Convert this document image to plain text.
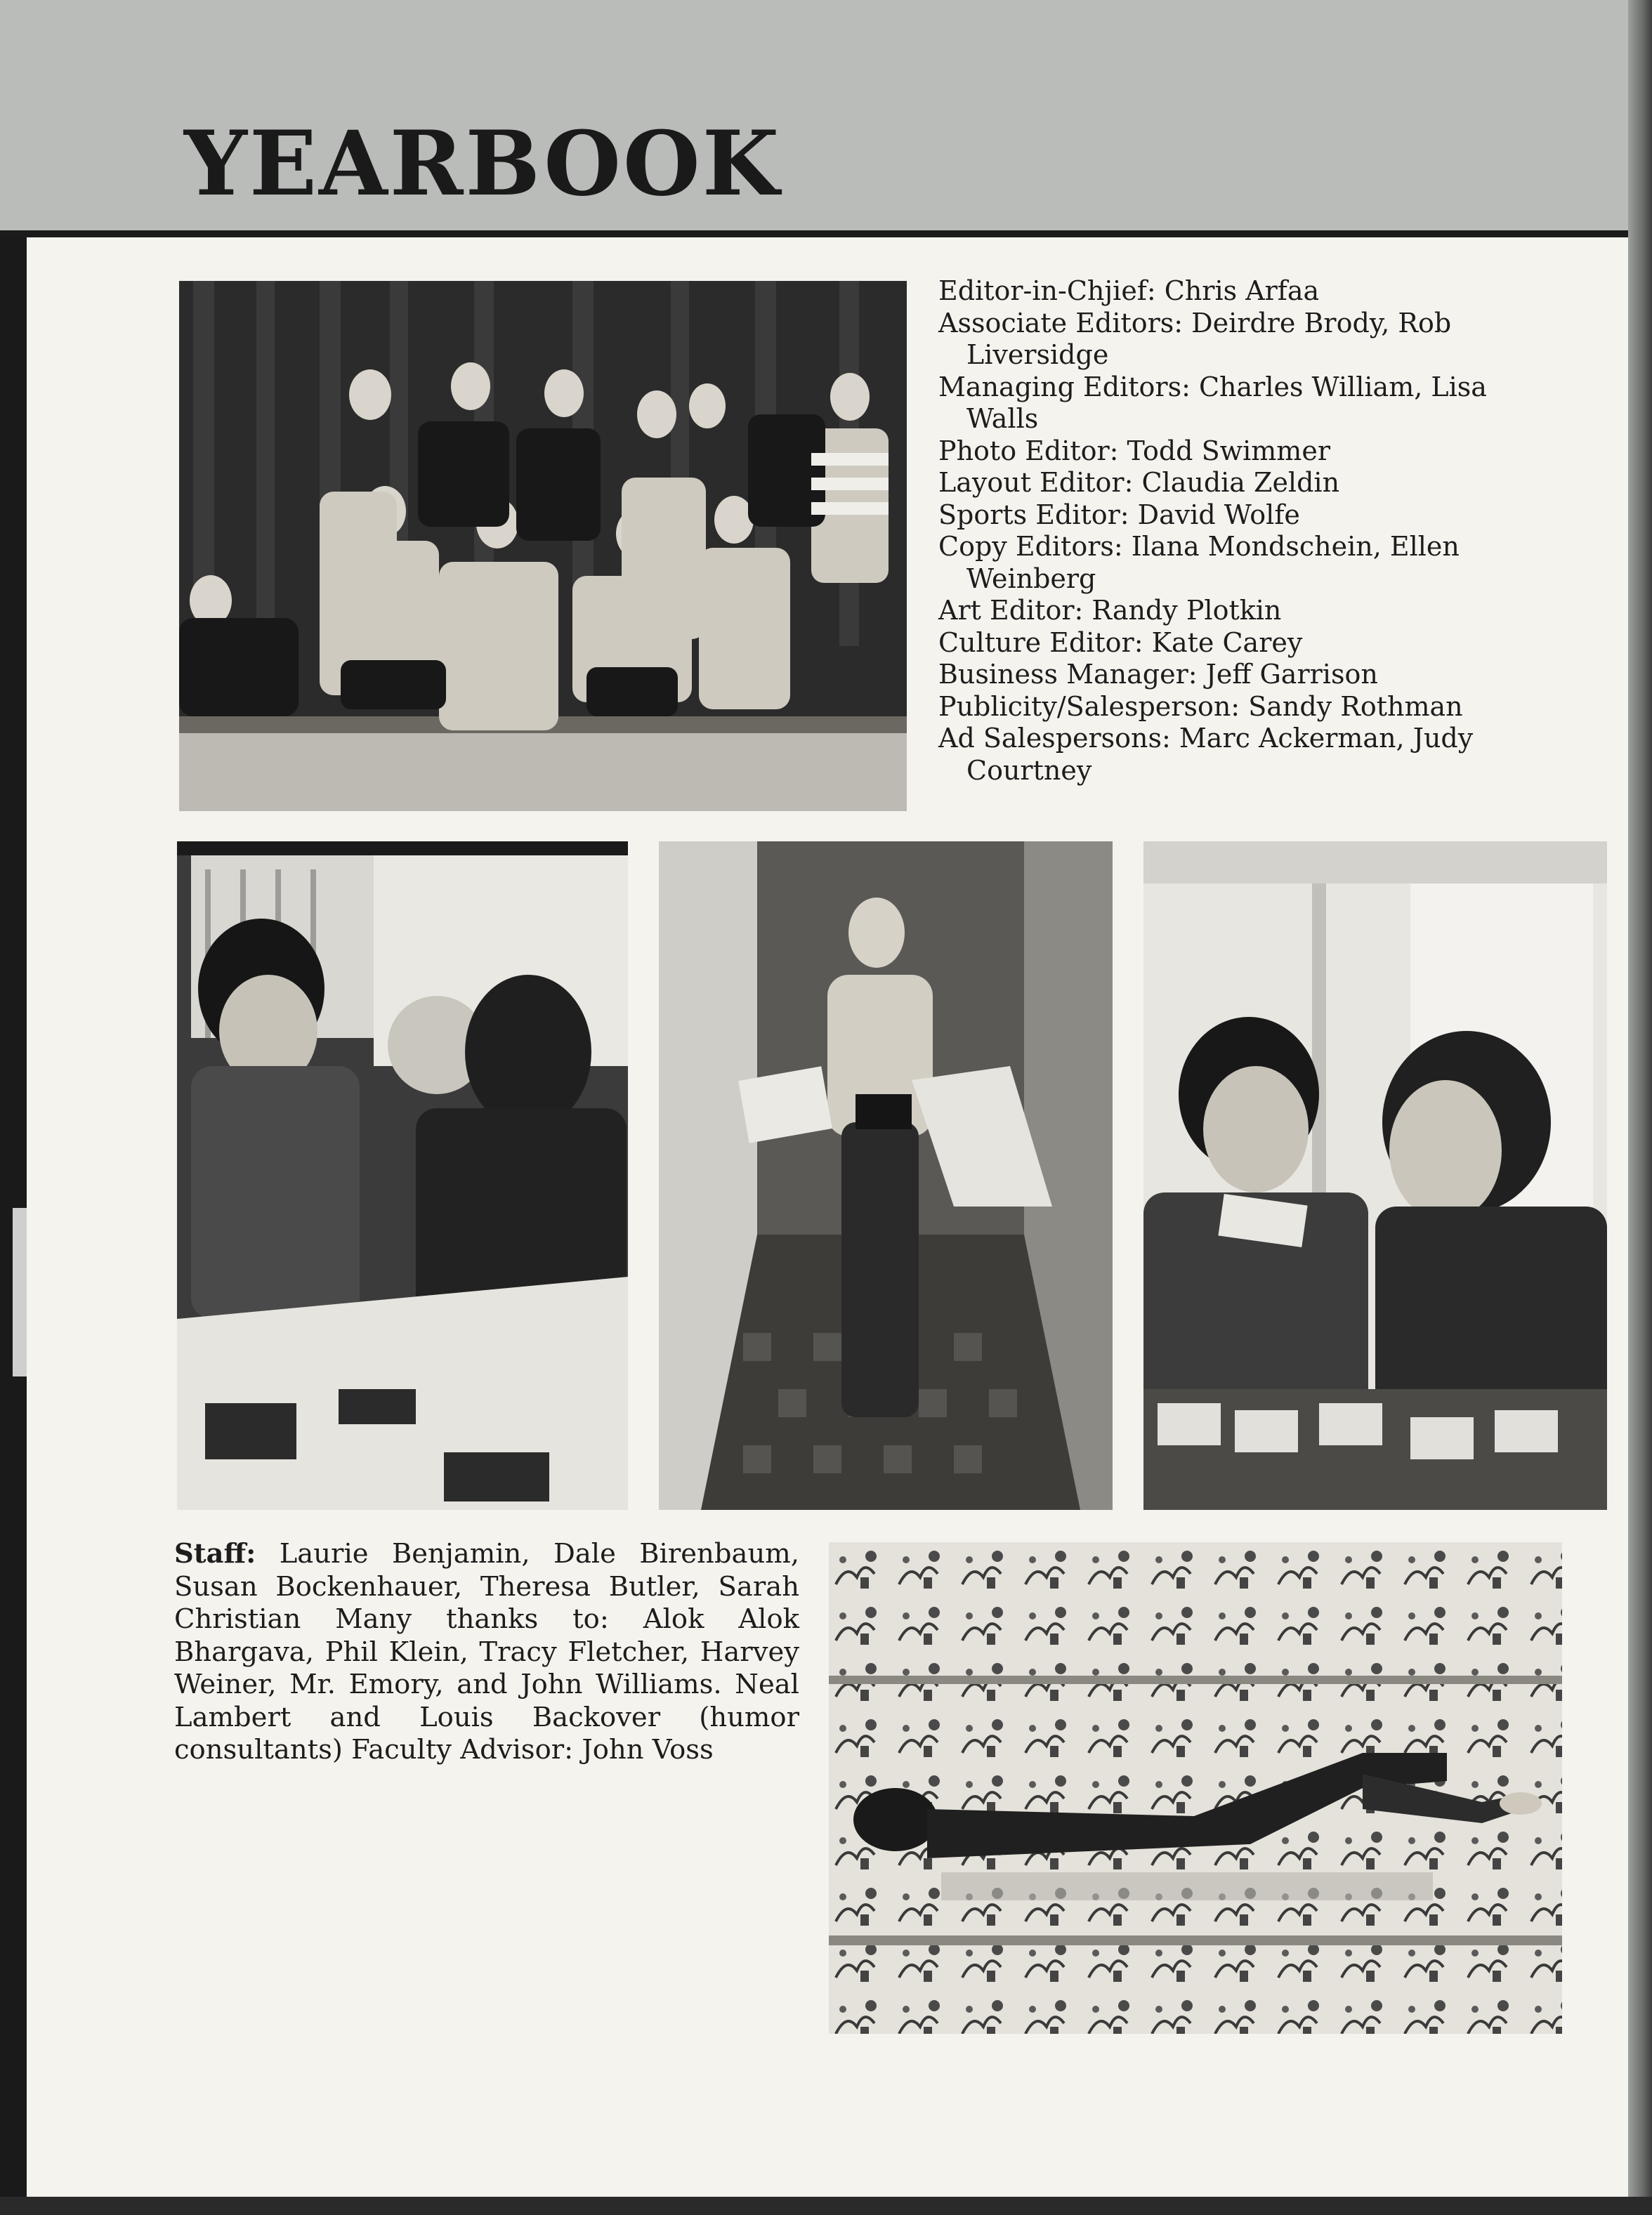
YEARBOOK

Editor-in-Chjief: Chris Arfaa

Associate Editors: Deirdre Brody, Rob Liversidge

Managing Editors: Charles William, Lisa Walls

Photo Editor: Todd Swimmer

Layout Editor: Claudia Zeldin

Sports Editor: David Wolfe

Copy Editors: Ilana Mondschein, Ellen Weinberg

Art Editor: Randy Plotkin

Culture Editor: Kate Carey

Business Manager: Jeff Garrison

Publicity/Salesperson: Sandy Rothman

Ad Salespersons: Marc Ackerman, Judy Courtney

Staff: Laurie Benjamin, Dale Birenbaum, Susan Bockenhauer, Theresa Butler, Sarah Christian Many thanks to: Alok Alok Bhargava, Phil Klein, Tracy Fletcher, Harvey Weiner, Mr. Emory, and John Williams. Neal Lambert and Louis Backover (humor consultants) Faculty Advisor: John Voss
